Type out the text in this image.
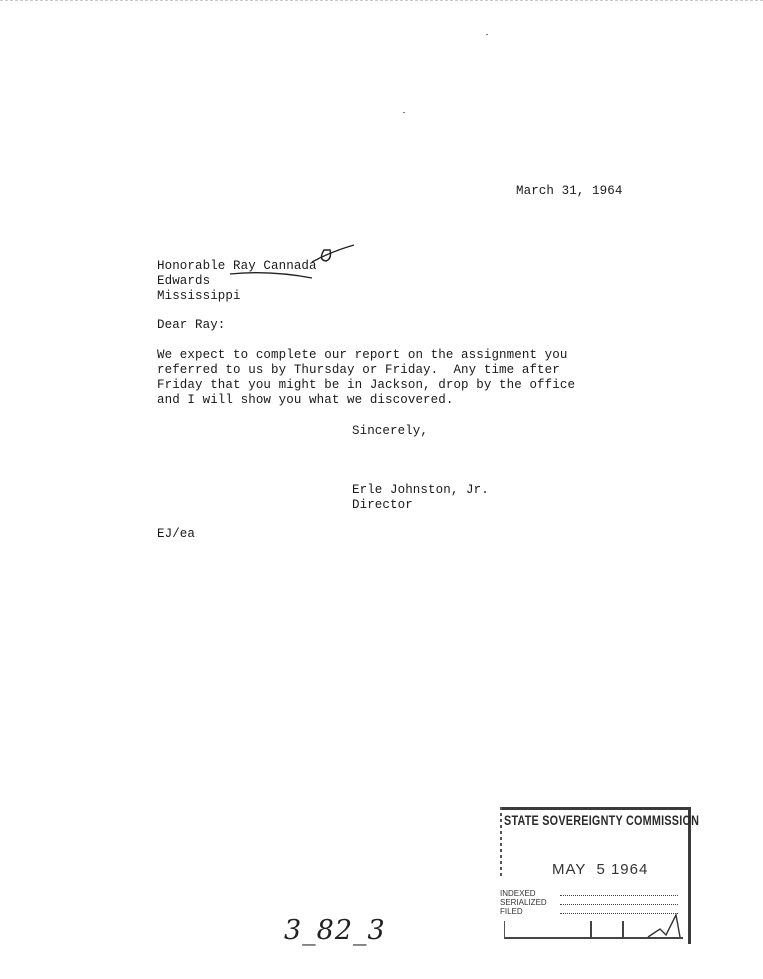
March 31, 1964
Honorable Ray Cannada
Edwards
Mississippi
Dear Ray:
We expect to complete our report on the assignment you
referred to us by Thursday or Friday.  Any time after
Friday that you might be in Jackson, drop by the office
and I will show you what we discovered.
Sincerely,
Erle Johnston, Jr.
Director
EJ/ea
3_82_3
STATE SOVEREIGNTY COMMISSION
MAY  5 1964
INDEXED
SERIALIZED
FILED
